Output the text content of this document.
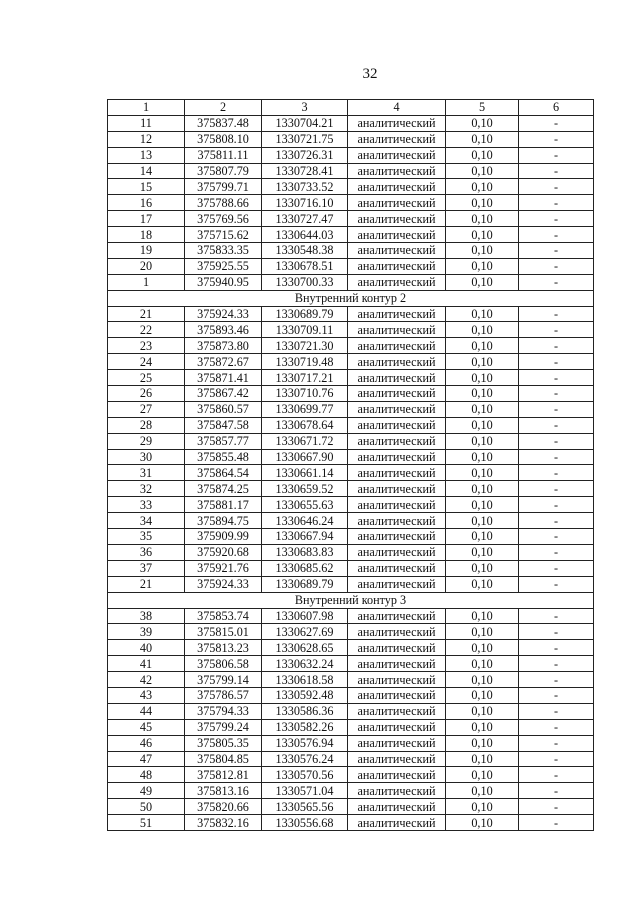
32
1	2	3	4	5	6
11	375837.48	1330704.21	аналитический	0,10	-
12	375808.10	1330721.75	аналитический	0,10	-
13	375811.11	1330726.31	аналитический	0,10	-
14	375807.79	1330728.41	аналитический	0,10	-
15	375799.71	1330733.52	аналитический	0,10	-
16	375788.66	1330716.10	аналитический	0,10	-
17	375769.56	1330727.47	аналитический	0,10	-
18	375715.62	1330644.03	аналитический	0,10	-
19	375833.35	1330548.38	аналитический	0,10	-
20	375925.55	1330678.51	аналитический	0,10	-
1	375940.95	1330700.33	аналитический	0,10	-
Внутренний контур 2					
21	375924.33	1330689.79	аналитический	0,10	-
22	375893.46	1330709.11	аналитический	0,10	-
23	375873.80	1330721.30	аналитический	0,10	-
24	375872.67	1330719.48	аналитический	0,10	-
25	375871.41	1330717.21	аналитический	0,10	-
26	375867.42	1330710.76	аналитический	0,10	-
27	375860.57	1330699.77	аналитический	0,10	-
28	375847.58	1330678.64	аналитический	0,10	-
29	375857.77	1330671.72	аналитический	0,10	-
30	375855.48	1330667.90	аналитический	0,10	-
31	375864.54	1330661.14	аналитический	0,10	-
32	375874.25	1330659.52	аналитический	0,10	-
33	375881.17	1330655.63	аналитический	0,10	-
34	375894.75	1330646.24	аналитический	0,10	-
35	375909.99	1330667.94	аналитический	0,10	-
36	375920.68	1330683.83	аналитический	0,10	-
37	375921.76	1330685.62	аналитический	0,10	-
21	375924.33	1330689.79	аналитический	0,10	-
Внутренний контур 3					
38	375853.74	1330607.98	аналитический	0,10	-
39	375815.01	1330627.69	аналитический	0,10	-
40	375813.23	1330628.65	аналитический	0,10	-
41	375806.58	1330632.24	аналитический	0,10	-
42	375799.14	1330618.58	аналитический	0,10	-
43	375786.57	1330592.48	аналитический	0,10	-
44	375794.33	1330586.36	аналитический	0,10	-
45	375799.24	1330582.26	аналитический	0,10	-
46	375805.35	1330576.94	аналитический	0,10	-
47	375804.85	1330576.24	аналитический	0,10	-
48	375812.81	1330570.56	аналитический	0,10	-
49	375813.16	1330571.04	аналитический	0,10	-
50	375820.66	1330565.56	аналитический	0,10	-
51	375832.16	1330556.68	аналитический	0,10	-
